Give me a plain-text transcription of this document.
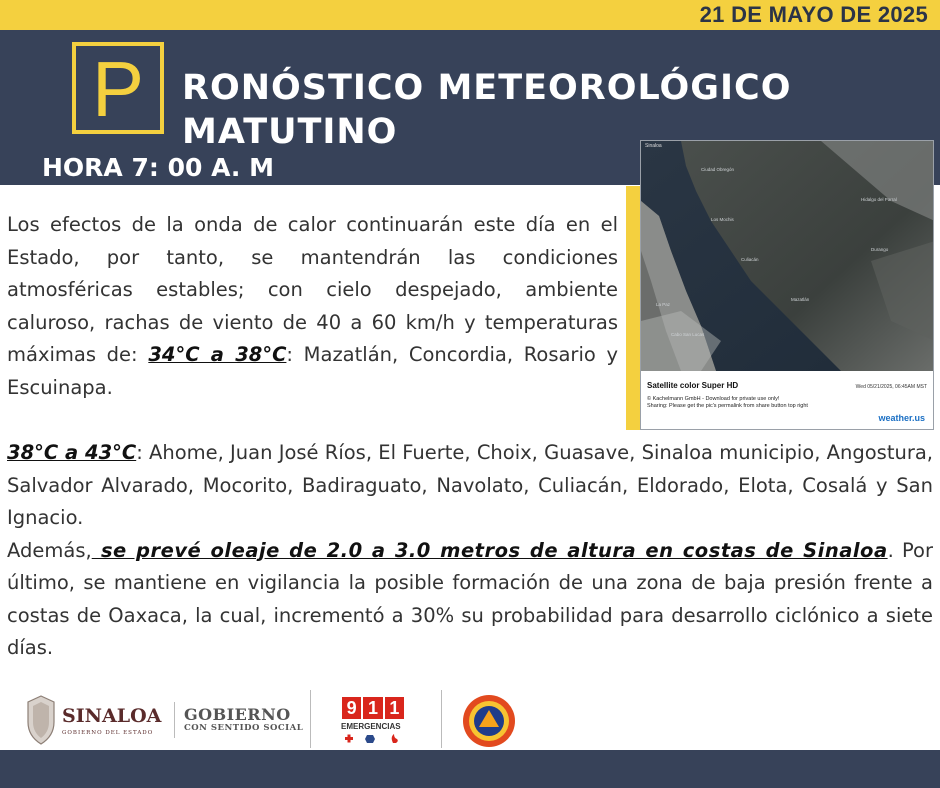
21 DE MAYO DE 2025
P	RONÓSTICO METEOROLÓGICO
MATUTINO
HORA 7: 00 A. M	Ciudad Obregón
Los Mochis
Culiacán
Mazatlán
Hidalgo del Parral
Durango
La Paz
Cabo San Lucas
Sinaloa
Satellite color Super HD	Wed 05/21/2025, 06:45AM MST
© Kachelmann GmbH - Download for private use only!
Sharing: Please get the pic's permalink from share button top right
weather.us
Los efectos de la onda de calor continuarán este día en el Estado, por tanto, se mantendrán las condiciones atmosféricas estables; con cielo despejado, ambiente caluroso, rachas de viento de 40 a 60 km/h y temperaturas máximas de: 34°C a 38°C: Mazatlán, Concordia, Rosario y Escuinapa.
38°C a 43°C: Ahome, Juan José Ríos, El Fuerte, Choix, Guasave, Sinaloa municipio, Angostura, Salvador Alvarado, Mocorito, Badiraguato, Navolato, Culiacán, Eldorado, Elota, Cosalá y San Ignacio.
Además, se prevé oleaje de 2.0 a 3.0 metros de altura en costas de Sinaloa. Por último, se mantiene en vigilancia la posible formación de una zona de baja presión frente a costas de Oaxaca, la cual, incrementó a 30% su probabilidad para desarrollo ciclónico a siete días.
SINALOA
GOBIERNO DEL ESTADO
GOBIERNO
CON SENTIDO SOCIAL
9 1 1
EMERGENCIAS
